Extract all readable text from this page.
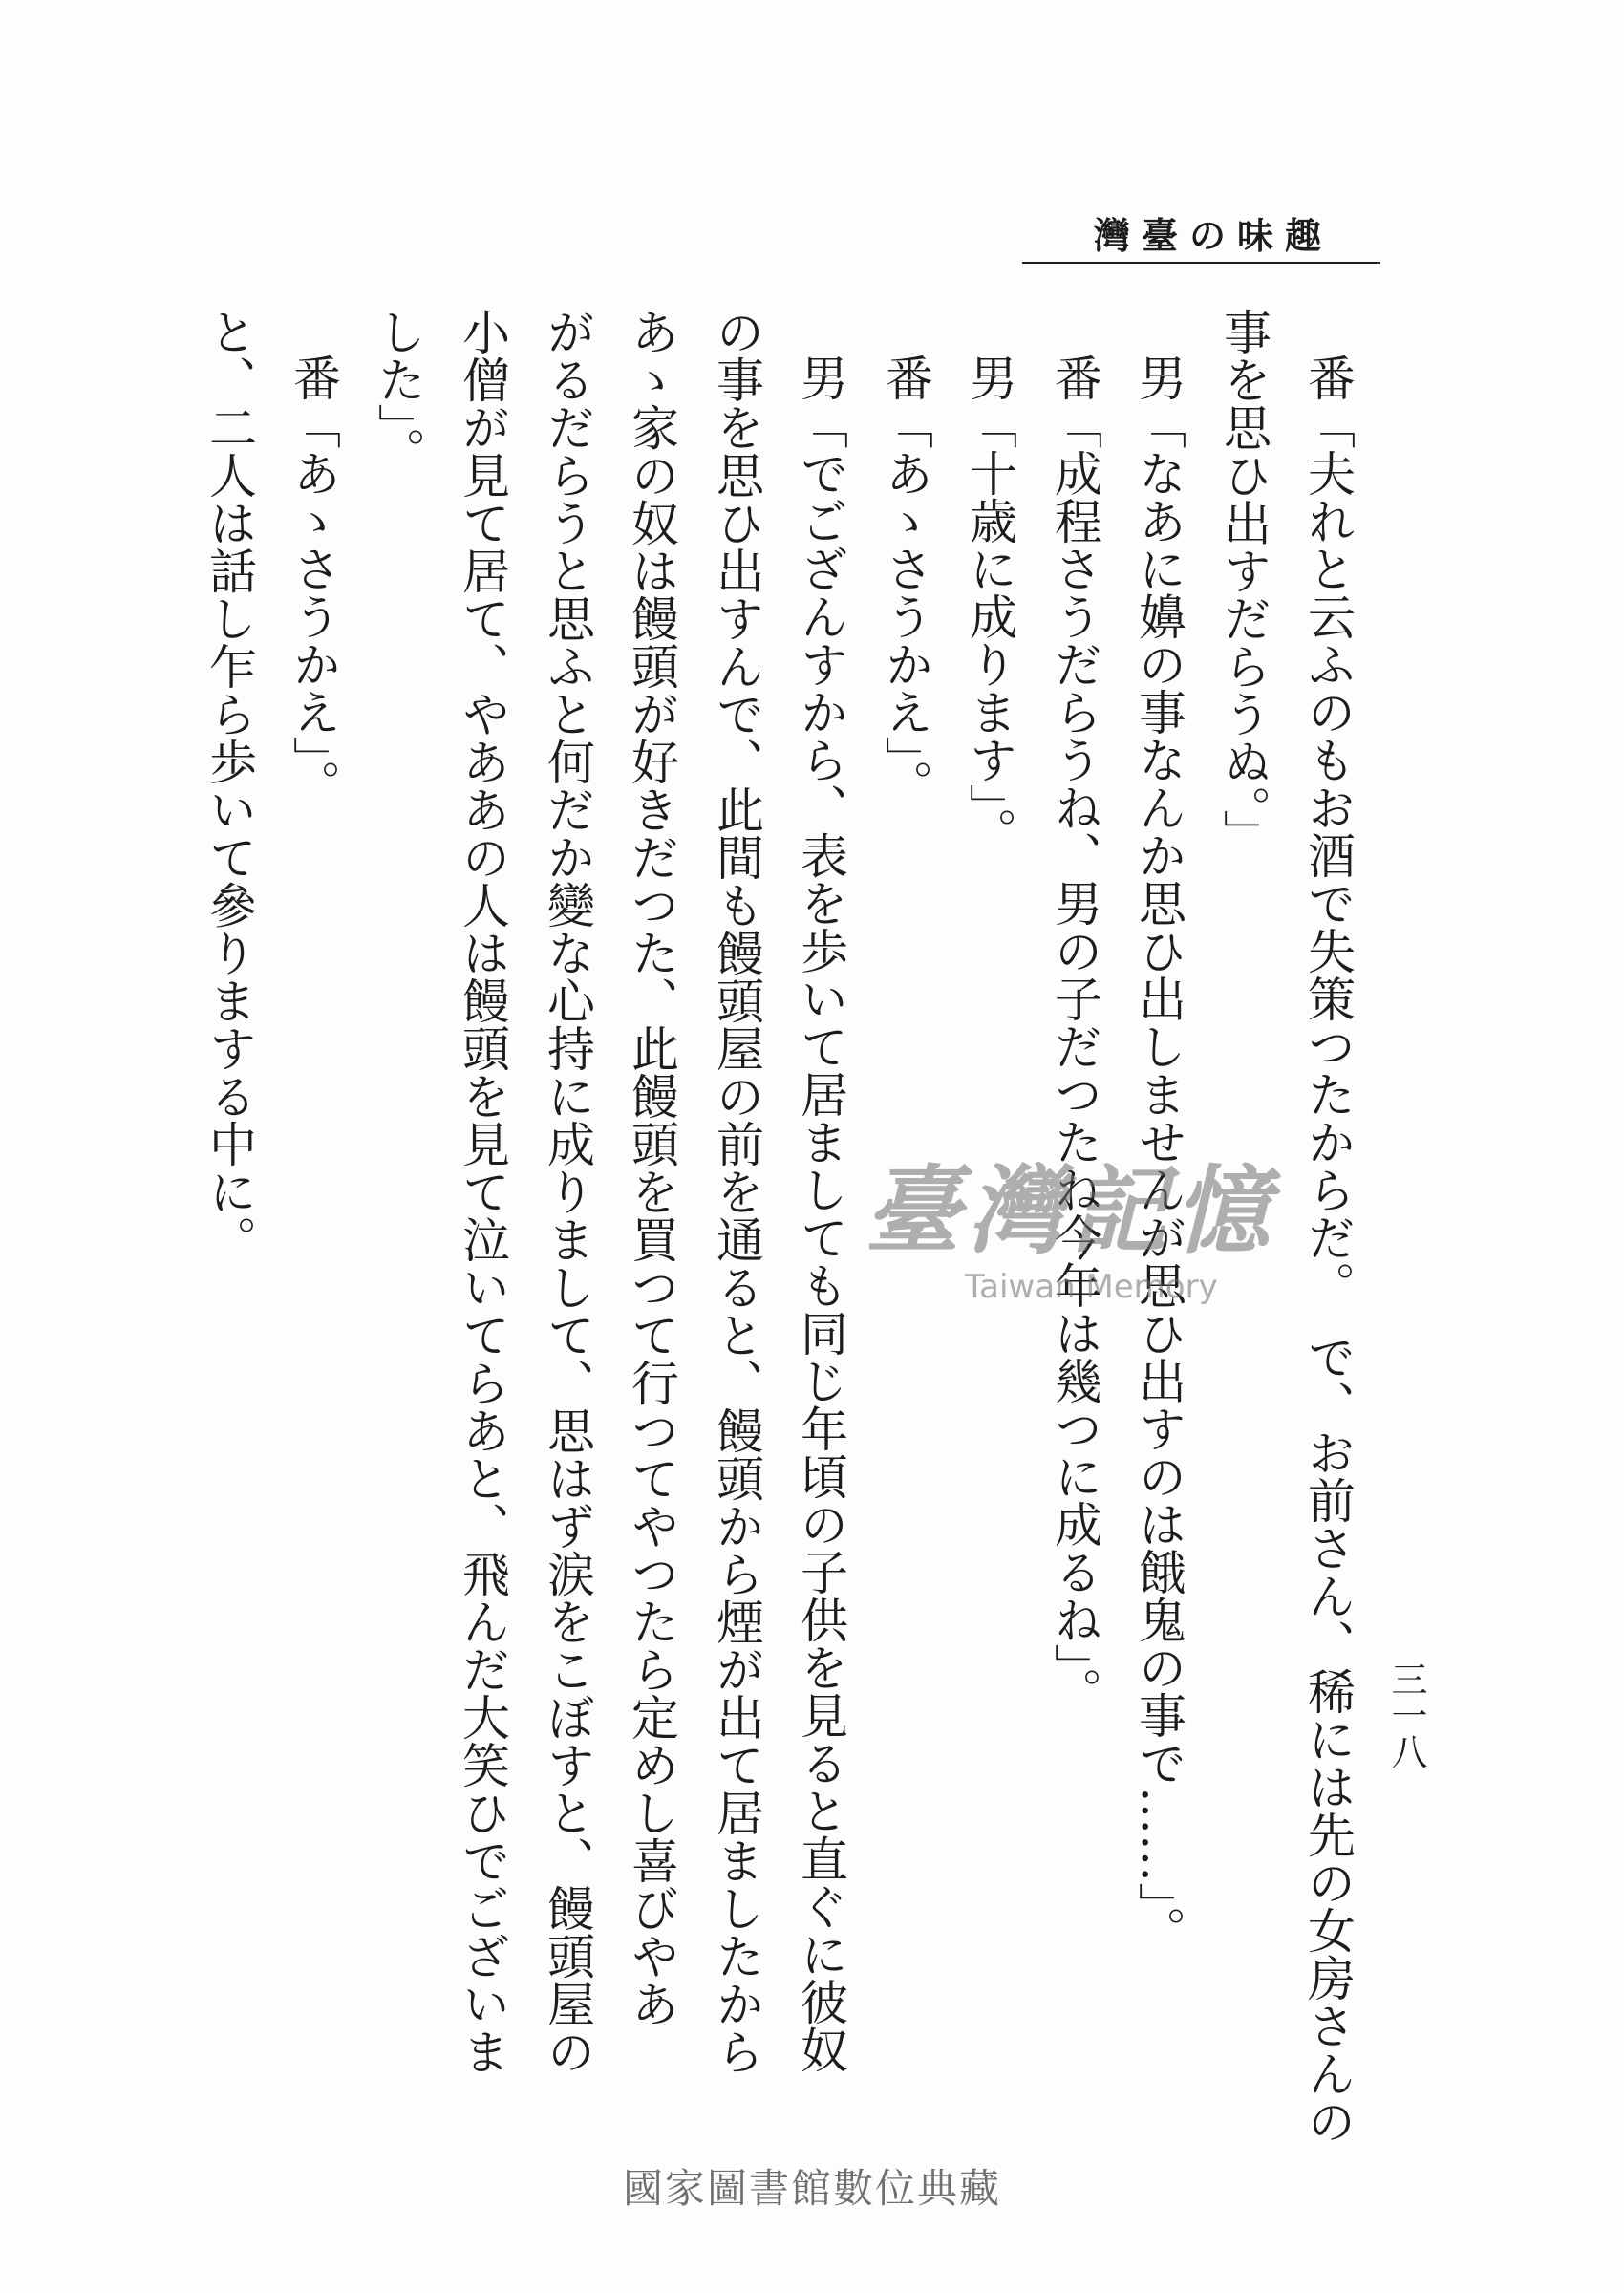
趣味の臺灣
三一八
番「夫れと云ふのもお酒で失策つたからだ。　で、お前さん、稀には先の女房さんの
事を思ひ出すだらうぬ。」
男「なあに嬶の事なんか思ひ出しませんが思ひ出すのは餓鬼の事で……」。
番「成程さうだらうね、男の子だつたね今年は幾つに成るね」。
男「十歳に成ります」。
番「あゝさうかえ」。
男「でござんすから、表を歩いて居ましても同じ年頃の子供を見ると直ぐに彼奴
の事を思ひ出すんで、此間も饅頭屋の前を通ると、饅頭から煙が出て居ましたから
あゝ家の奴は饅頭が好きだつた、此饅頭を買つて行つてやつたら定めし喜びやあ
がるだらうと思ふと何だか變な心持に成りまして、思はず涙をこぼすと、饅頭屋の
小僧が見て居て、やああの人は饅頭を見て泣いてらあと、飛んだ大笑ひでございま
した」。
番「あゝさうかえ」。
と、二人は話し乍ら歩いて參りまする中に。	臺灣記憶
Taiwan Memory
國家圖書館數位典藏
